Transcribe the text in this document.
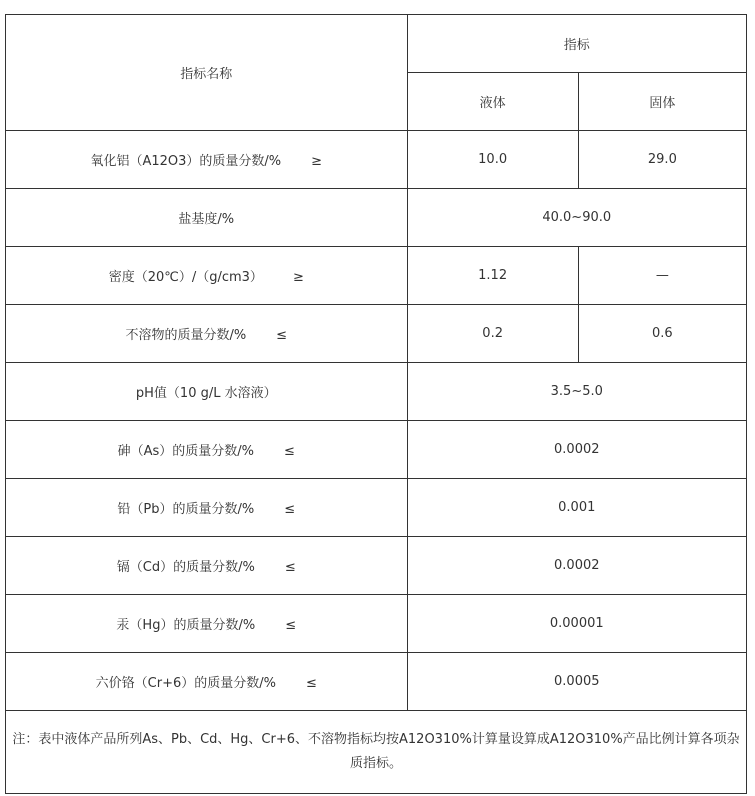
指标名称	指标	
	液体	固体
氧化铝（A12O3）的质量分数/% ≥	10.0	29.0
盐基度/%	40.0~90.0	
密度（20℃）/（g/cm3） ≥	1.12	—
不溶物的质量分数/% ≤	0.2	0.6
pH值（10 g/L 水溶液）	3.5~5.0	
砷（As）的质量分数/% ≤	0.0002	
铅（Pb）的质量分数/% ≤	0.001	
镉（Cd）的质量分数/% ≤	0.0002	
汞（Hg）的质量分数/% ≤	0.00001	
六价铬（Cr+6）的质量分数/% ≤	0.0005	
注：表中液体产品所列As、Pb、Cd、Hg、Cr+6、不溶物指标均按A12O310%计算量设算成A12O310%产品比例计算各项杂质指标。		
